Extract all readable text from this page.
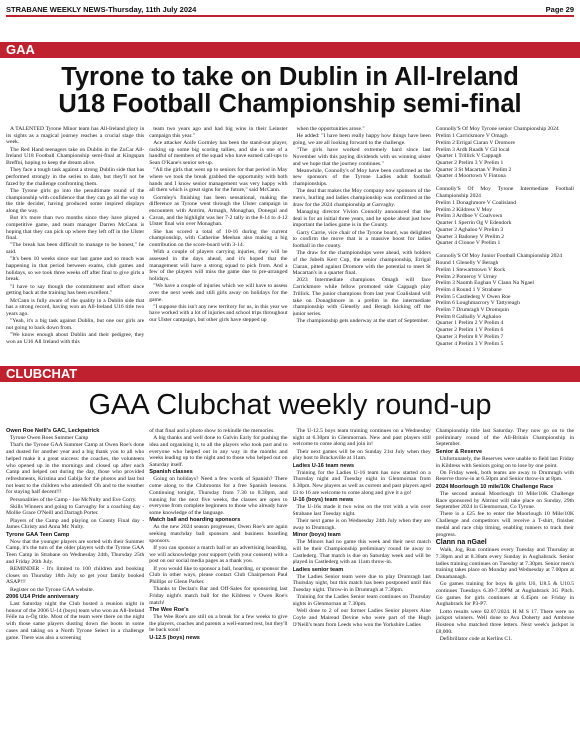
STRABANE WEEKLY NEWS-Thursday, 11th July 2024	Page 29
GAA
Tyrone to take on Dublin in All-Ireland
U18 Football Championship semi-final

A TALENTED Tyrone Minor team has All-Ireland glory in its sights as a magical journey reaches a crucial stage this week.

The Red Hand teenagers take on Dublin in the ZuCar All-Ireland U18 Football Championship semi-final at Kingspan Breffni, hoping to keep the dream alive.

They face a tough task against a strong Dublin side that has performed strongly in the series to date, but they'll not be fazed by the challenge confronting them.

The Tyrone girls go into the penultimate round of the championship with confidence that they can go all the way to the title decider, having produced some inspired displays along the way.

But it's more than two months since they have played a competitive game, and team manager Darren McCann is hoping that they can pick up where they left off in the Ulster final.

"The break has been difficult to manage to be honest," he said.

"It's been 10 weeks since our last game and so much was happening in that period between exams, club games and holidays, so we took three weeks off after final to give girls a break.

"I have to say though the commitment and effort since getting back at the training has been excellent."

McCann is fully aware of the quality in a Dublin side that has a strong record, having won an All-Ireland U16 title two years ago.

"Yeah, it's a big task against Dublin, but one our girls are not going to back down from.

"We know enough about Dublin and their pedigree, they won an U16 All Ireland with this

team two years ago and had big wins in their Leinster campaign this year."

Ace attacker Aoife Gormley has been the stand-out player, racking up some big scoring tallies, and she is one of a handful of members of the squad who have earned call-ups to Sean O'Kane's senior set-up.

"All the girls that went up to seniors for that period in May where we took the break grabbed the opportunity with both hands and I know senior management was very happy with all them which is great signs for the future," said McCann.

Gormley's finishing has been sensational, making the difference as Tyrone went through the Ulster campaign in encounters with Antrim, Armagh, Monaghan, Donegal and Cavan, and the highlight was her 7-2 tally in the 8-14 to 4-12 Ulster final win over Monaghan.

She has scored a total of 10-16 during the current championship, with Catherine Meehan also making a big contribution on the score-board with 3-14.

With a couple of players carrying injuries, they will be assessed in the days ahead, and it's hoped that the management will have a strong squad to pick from. And a few of the players will miss the game due to pre-arranged holidays.

"We have a couple of injuries which we will have to assess over the next week and still girls away on holidays for the game.

"I suppose this isn't any new territory for us, in this year we have worked with a lot of injuries and school trips throughout our Ulster campaign, but other girls have stepped up

when the opportunities arose."

He added: "I have been really happy how things have been going, we are all looking forward to the challenge.

"The girls have worked extremely hard since last November with this paying dividends with us winning ulster and we hope that the journey continues."

Meanwhile, Connolly's of Moy have been confirmed as the new sponsors of the Tyrone Ladies adult football championships.

The deal that makes the Moy company now sponsors of the men's, hurling and ladies championship was confirmed at the draw for the 2024 championship at Garvaghy.

Managing director Vivion Connolly announced that the deal is for an initial three years, and he spoke about just how important the ladies game is in the County.

Garry Carrie, vice chair of the Tyrone board, was delighted to confirm the move that is a massive boost for ladies football in the county.

The draw for the championships were ahead, with holders of the Jubelh Kerr Cup, the senior championship, Errigal Ciaran, pitted against Dromore with the potential to meet St Macartan's in a quarter final.

2023 Intermediate champions Omagh will face Carrickmore while fellow promoted side Cappagh play Trillick. The junior champions from last year Coalisland will take on Donaghmore in a prelim in the intermediate championship with Glenelly and Beragh kicking off the junior series.

The championship gets underway at the start of September.

Connolly'S Of Moy Tyrone senior Championship 2024

Prelim 1 Carrickmore V Omagh
Prelim 2 Errigal Ciaran V Dromore
Prelim 3 Ardh Ruadh V Gil local
Quarter 1 Trillick V Cappagh
Quarter 2 Prelim 3 V Prelim 1
Quarter 3 St Macartan V Prelim 2
Quarter 4 Moortown V Fintona

Connolly'S Of Moy Tyrone Intermediate Football Championship 2024

Prelim 1 Donaghmore V Coalisland
Prelim 2 Kildress V Moy
Prelim 3 Ardboe V Coalvown
Quarter 1 Sperrin Og V Edendork
Quarter 2 Aghaloo V Prelim 3
Quarter 3 Badoney V Prelim 2
Quarter 4 Clonoe V Prelim 1

Connolly'S Of Moy Junior Football Championship 2024

Round 1 Glenelly V Beragh
Prelim 1 Stewartstown V Rock
Prelim 2 Pomeroy V Urney
Prelim 3 Naomh Eoghan V Clann Na Ngael
Prelim 4 Round 1 V Strabane
Prelim 5 Castlederg V Owen Roe
Prelim 6 Loughmacrory V Tattyreagh
Prelim 7 Drumragh V Dromquin
Prelim 8 Galbally V Aghaloo
Quarter 1 Prelim 2 V Prelim 4
Quarter 2 Prelim 1 V Prelim 6
Quarter 3 Prelim 8 V Prelim 7
Quarter 4 Prelim 3 V Prelim 5
CLUBCHAT
GAA Clubchat weekly round-up

Owen Roe Neill's GAC, Leckpatrick

Tyrone Owen Roes Summer Camp

That's the Tyrone GAA Summer Camp at Owen Roe's done and dusted for another year and a big thank you to all who helped make it a great success: the coaches, the volunteers who opened up in the mornings and closed up after each Camp and helped out during the day, those who provided refreshments, Kristina and Gabija for the photos and last but not least to the children who attended! Oh and to the weather for staying half decent!!!

Personalities of the Camp - Joe McNulty and Eve Corry.

Skills Winners and going to Garvaghy for a coaching day - Mollie Grace O'Neill and Darragh Porter.

Players of the Camp and playing on County Final day - James Christy and Anna Mc Nulty.

Tyrone GAA Teen Camp

Now that the younger players are sorted with their Summer Camp, it's the turn of the older players with the Tyrone GAA Teen Camp in Strabane on Wednesday 24th, Thursday 25th and Friday 26th July.

REMINDER - It's limited to 100 children and booking closes on Thursday 18th July so get your family booked ASAP!!!

Register on the Tyrone GAA website.

2006 U14 Pride anniversary

Last Saturday night the Club hosted a reunion night in honour of the 2006 U-14 (boys) team who won an All-Ireland Féile na n-Óg title. Most of the team were there on the night with those same players dusting down the boots in some cases and taking on a North Tyrone Select in a challenge game. There was also a screening

of that final and a photo show to rekindle the memories.

A big thanks and well done to Galvin Early for pushing the idea and organising it, to all the players who took part and to everyone who helped out in any way in the months and weeks leading up to the night and to those who helped out on Saturday itself.

Spanish classes

Going on holidays? Need a few words of Spanish? There come along to the Clubrooms for a free Spanish lessons. Continuing tonight, Thursday from 7.30 to 8.30pm, and running for the next five weeks, the classes are open to everyone from complete beginners to those who already have some knowledge of the language.

Match ball and hoarding sponsors

As the new 2024 season progresses, Owen Roe's are again seeking matchday ball sponsors and business hoarding sponsors.

If you can sponsor a match ball or an advertising hoarding, we will acknowledge your support (with your consent) with a post on our social media pages as a thank you.

If you would like to sponsor a ball, hoarding, or sponsor the Club in other ways, please contact Club Chairperson Paul Phillips or Glenn Parker.

Thanks to Declan's Bar and Off-Sales for sponsoring last Friday night's match ball for the Kildress v Owen Roe's match!

The Wee Roe's

The Wee Roe's are still on a break for a few weeks to give the players, coaches and parents a well-earned rest, but they'll be back soon!

U-12.5 (boys) news

The U-12.5 boys team training continues on a Wednesday night at 6.30pm in Glenmornan. New and past players still welcome to come along and join in!

Their next games will be on Sunday 21st July when they play host to Brackaville at 11am.

Ladies U-16 team news

Training for the Ladies U-16 team has now started on a Thursday night and Tuesday night in Glenmornan from 6.30pm. New players as well as current and past players aged 13 to 16 are welcome to come along and give it a go!

U-16 (boys) team news

The U-16s made it two wins on the trot with a win over Strabane last Tuesday night.

Their next game is on Wednesday 24th July when they are away to Drumragh.

Minor (boys) team

The Minors had no game this week and their next match will be their Championship preliminary round tie away to Castlederg. That match is due on Saturday week and will be played in Castlederg with an 11am throw-in.

Ladies senior team

The Ladies Senior team were due to play Drumragh last Thursday night, but this match has been postponed until this Tuesday night. Throw-in in Drumragh at 7.30pm.

Training for the Ladies Senior team continues on Thursday nights in Glenmornan at 7.30pm.

Well done to 2 of our former Ladies Senior players Aine Coyle and Mairead Devine who were part of the Hugh O'Neill's team from Leeds who won the Yorkshire Ladies

Championship title last Saturday. They now go on to the preliminary round of the All-Britain Championship in September.

Senior & Reserve

Unfortunately, the Reserves were unable to field last Friday in Kildress with Seniors going on to lose by one point.

On Friday week, both teams are away to Drumragh with Reserve throw-in at 6.50pm and Senior throw-in at 8pm.

2024 Moorlough 10 mile/10k Challenge Race

The second annual Moorlough 10 Mile/10K Challenge Race sponsored by Abtrust will take place on Sunday, 29th September 2024 in Glenmornan, Co Tyrone.

There is a £25 fee to enter the Moorlough 10 Mile/10K Challenge and competitors will receive a T-shirt, finisher medal and race chip timing, enabling runners to track their progress.

Clann na nGael

Walk, Jog, Run continues every Tuesday and Thursday at 7.30pm and at 8.30am every Sunday in Aughabrack. Senior ladies training continues on Tuesday at 7.30pm. Senior men's training takes place on Monday and Wednesday at 7.00pm at Dunamanagh.

Go games training for boys & girls U6, U8.5 & U10.5 continues Tuesdays 6.30-7.30PM at Aughabrack 3G Pitch. Go games for girls continues at 6.45pm on Friday in Aughabrack for P3-P7.

Lotto results were 02.07/2024. H M S 17. There were no jackpot winners. Well done to Ava Doherty and Ambrose Hosteon who matched three letters. Next week's jackpot is £8,000.

Defibrillator code at Kerlins C1.
